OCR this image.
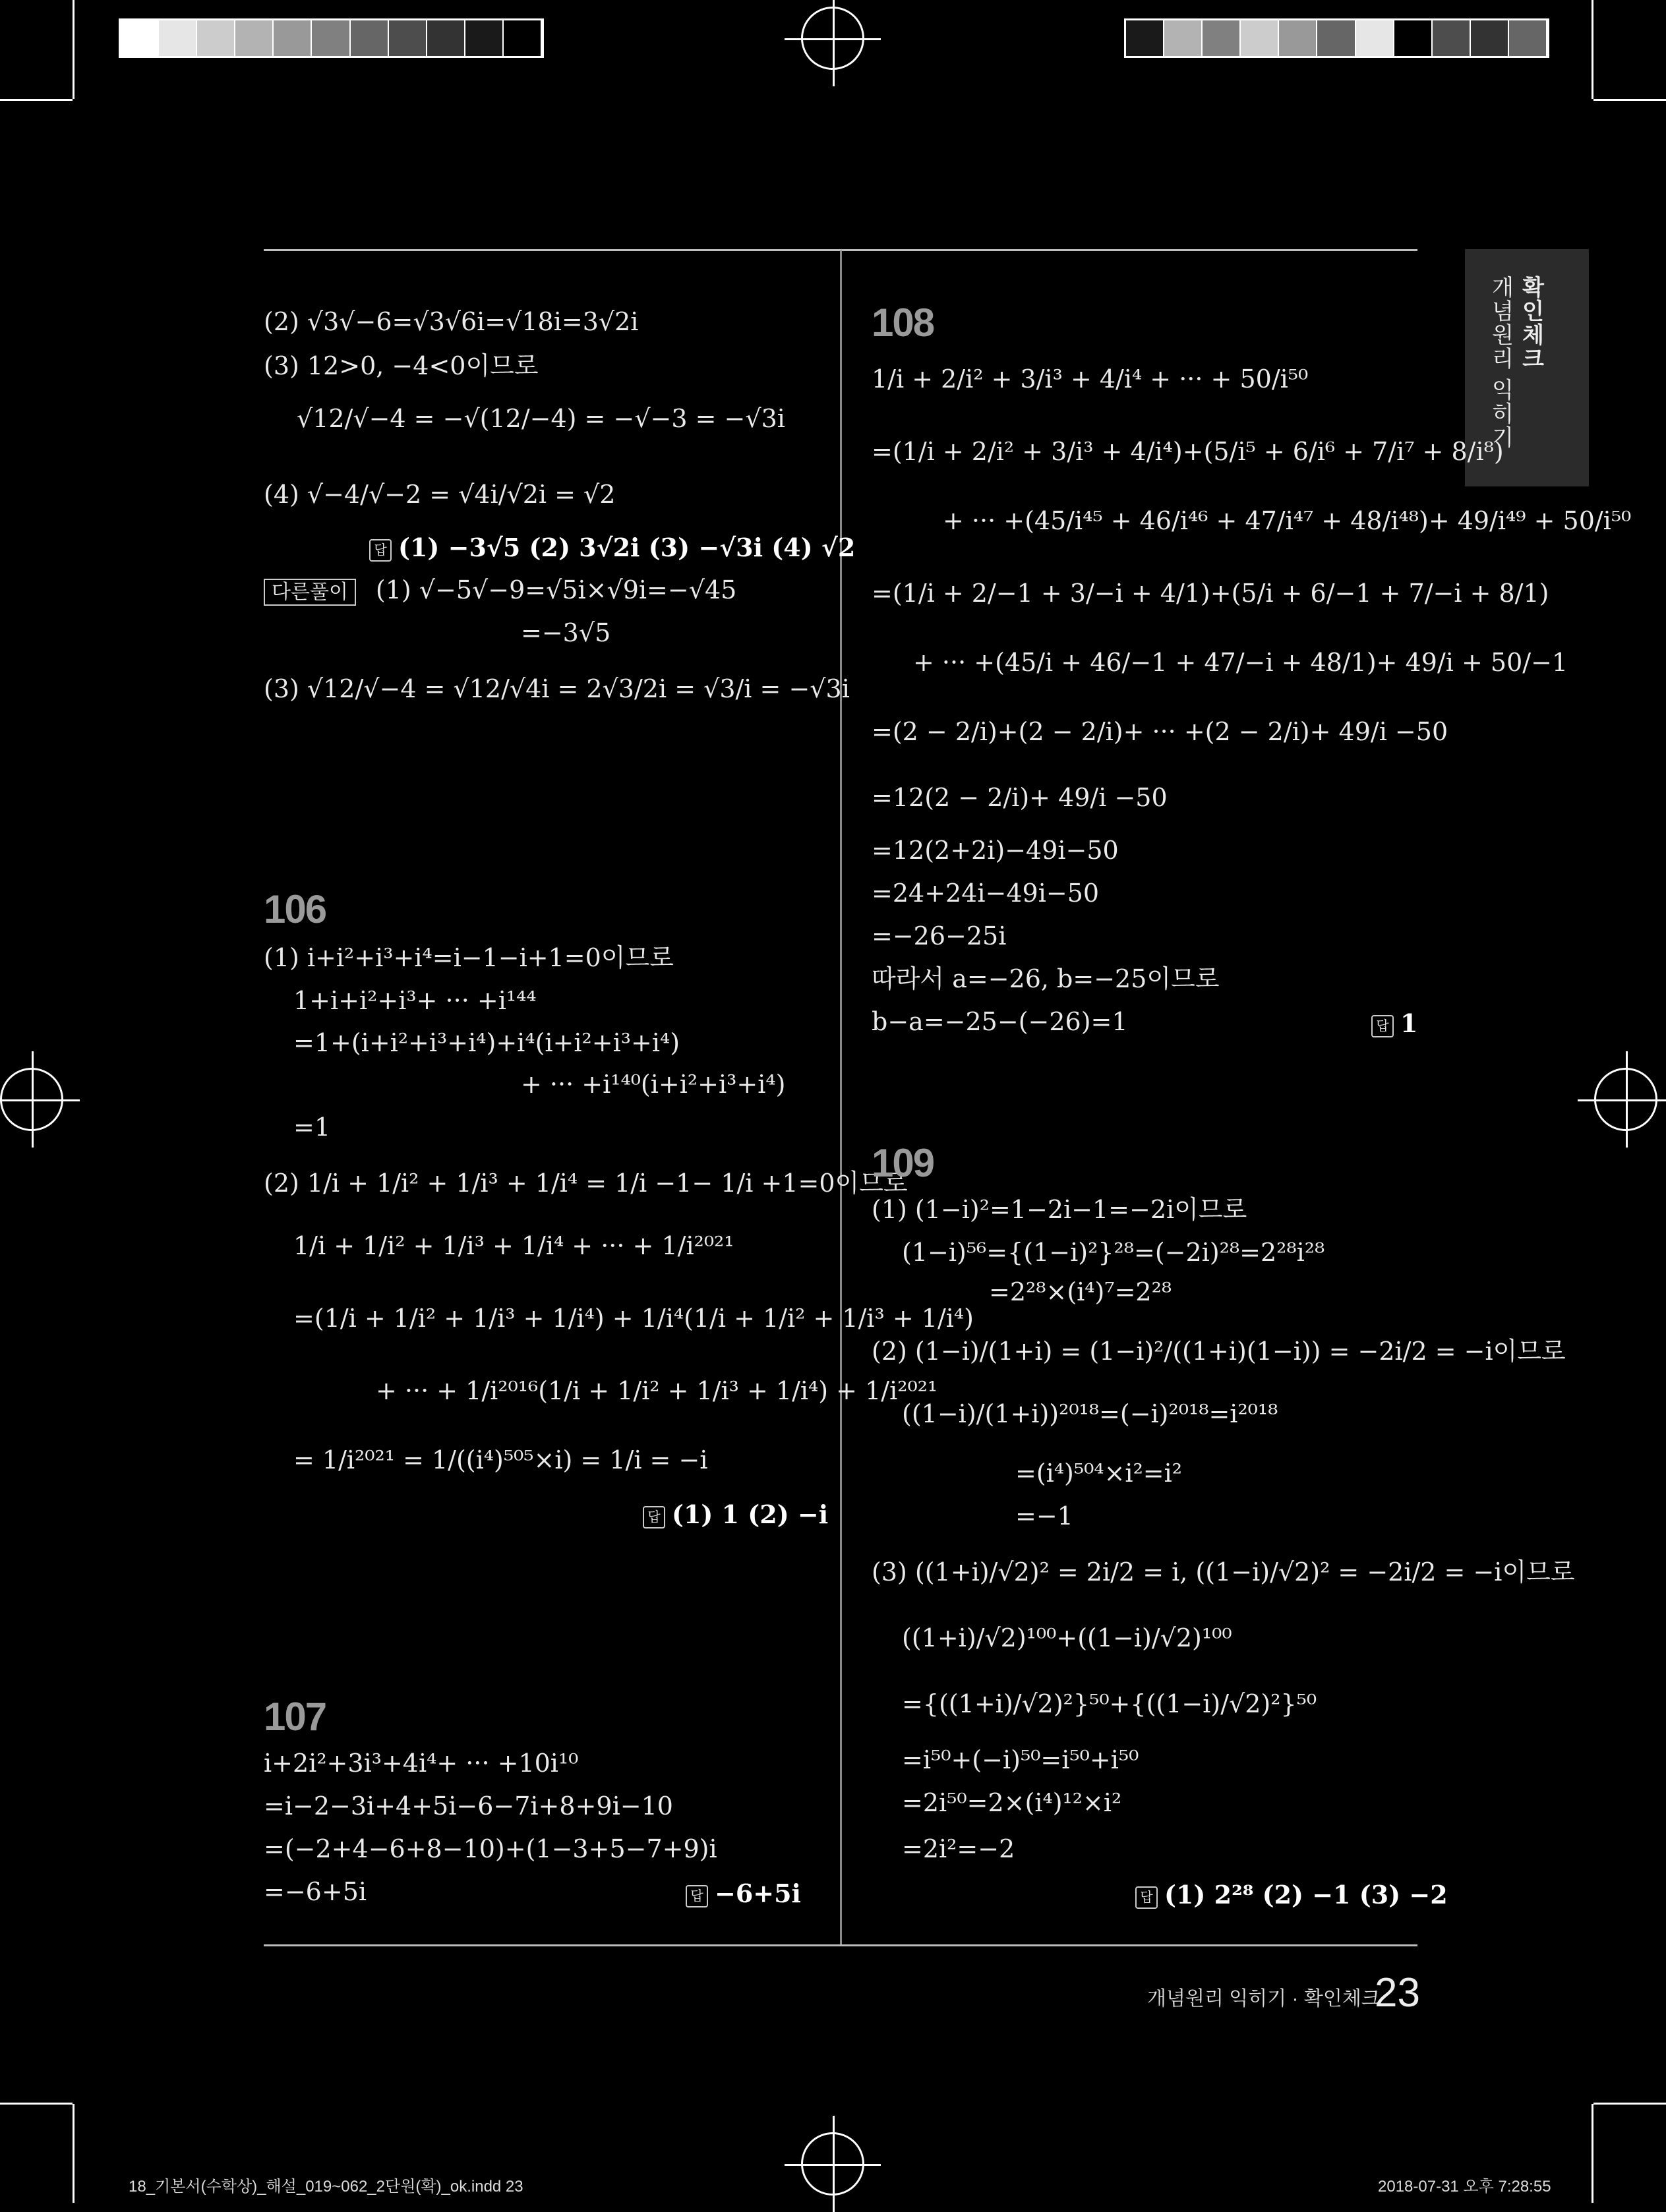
확인체크
개념원리 익히기
(2) √3√−6=√3√6i=√18i=3√2i
(3) 12>0, −4<0이므로
√12/√−4 = −√(12/−4) = −√−3 = −√3i
(4) √−4/√−2 = √4i/√2i = √2
답 (1) −3√5 (2) 3√2i (3) −√3i (4) √2
다른풀이 (1) √−5√−9=√5i×√9i=−√45
=−3√5
(3) √12/√−4 = √12/√4i = 2√3/2i = √3/i = −√3i
106
(1) i+i²+i³+i⁴=i−1−i+1=0이므로
1+i+i²+i³+ ··· +i¹⁴⁴
=1+(i+i²+i³+i⁴)+i⁴(i+i²+i³+i⁴)
+ ··· +i¹⁴⁰(i+i²+i³+i⁴)
=1
(2) 1/i + 1/i² + 1/i³ + 1/i⁴ = 1/i −1− 1/i +1=0이므로
1/i + 1/i² + 1/i³ + 1/i⁴ + ··· + 1/i²⁰²¹
=(1/i + 1/i² + 1/i³ + 1/i⁴) + 1/i⁴(1/i + 1/i² + 1/i³ + 1/i⁴)
+ ··· + 1/i²⁰¹⁶(1/i + 1/i² + 1/i³ + 1/i⁴) + 1/i²⁰²¹
= 1/i²⁰²¹ = 1/((i⁴)⁵⁰⁵×i) = 1/i = −i
답 (1) 1 (2) −i
107
i+2i²+3i³+4i⁴+ ··· +10i¹⁰
=i−2−3i+4+5i−6−7i+8+9i−10
=(−2+4−6+8−10)+(1−3+5−7+9)i
=−6+5i	답 −6+5i
108
1/i + 2/i² + 3/i³ + 4/i⁴ + ··· + 50/i⁵⁰
=(1/i + 2/i² + 3/i³ + 4/i⁴)+(5/i⁵ + 6/i⁶ + 7/i⁷ + 8/i⁸)
+ ··· +(45/i⁴⁵ + 46/i⁴⁶ + 47/i⁴⁷ + 48/i⁴⁸)+ 49/i⁴⁹ + 50/i⁵⁰
=(1/i + 2/−1 + 3/−i + 4/1)+(5/i + 6/−1 + 7/−i + 8/1)
+ ··· +(45/i + 46/−1 + 47/−i + 48/1)+ 49/i + 50/−1
=(2 − 2/i)+(2 − 2/i)+ ··· +(2 − 2/i)+ 49/i −50
=12(2 − 2/i)+ 49/i −50
=12(2+2i)−49i−50
=24+24i−49i−50
=−26−25i
따라서 a=−26, b=−25이므로
b−a=−25−(−26)=1	답 1
109
(1) (1−i)²=1−2i−1=−2i이므로
(1−i)⁵⁶={(1−i)²}²⁸=(−2i)²⁸=2²⁸i²⁸
=2²⁸×(i⁴)⁷=2²⁸
(2) (1−i)/(1+i) = (1−i)²/((1+i)(1−i)) = −2i/2 = −i이므로
((1−i)/(1+i))²⁰¹⁸=(−i)²⁰¹⁸=i²⁰¹⁸
=(i⁴)⁵⁰⁴×i²=i²
=−1
(3) ((1+i)/√2)² = 2i/2 = i, ((1−i)/√2)² = −2i/2 = −i이므로
((1+i)/√2)¹⁰⁰+((1−i)/√2)¹⁰⁰
={((1+i)/√2)²}⁵⁰+{((1−i)/√2)²}⁵⁰
=i⁵⁰+(−i)⁵⁰=i⁵⁰+i⁵⁰
=2i⁵⁰=2×(i⁴)¹²×i²
=2i²=−2
답 (1) 2²⁸ (2) −1 (3) −2
개념원리 익히기 · 확인체크
23
18_기본서(수학상)_해설_019~062_2단원(확)_ok.indd 23	2018-07-31 오후 7:28:55
